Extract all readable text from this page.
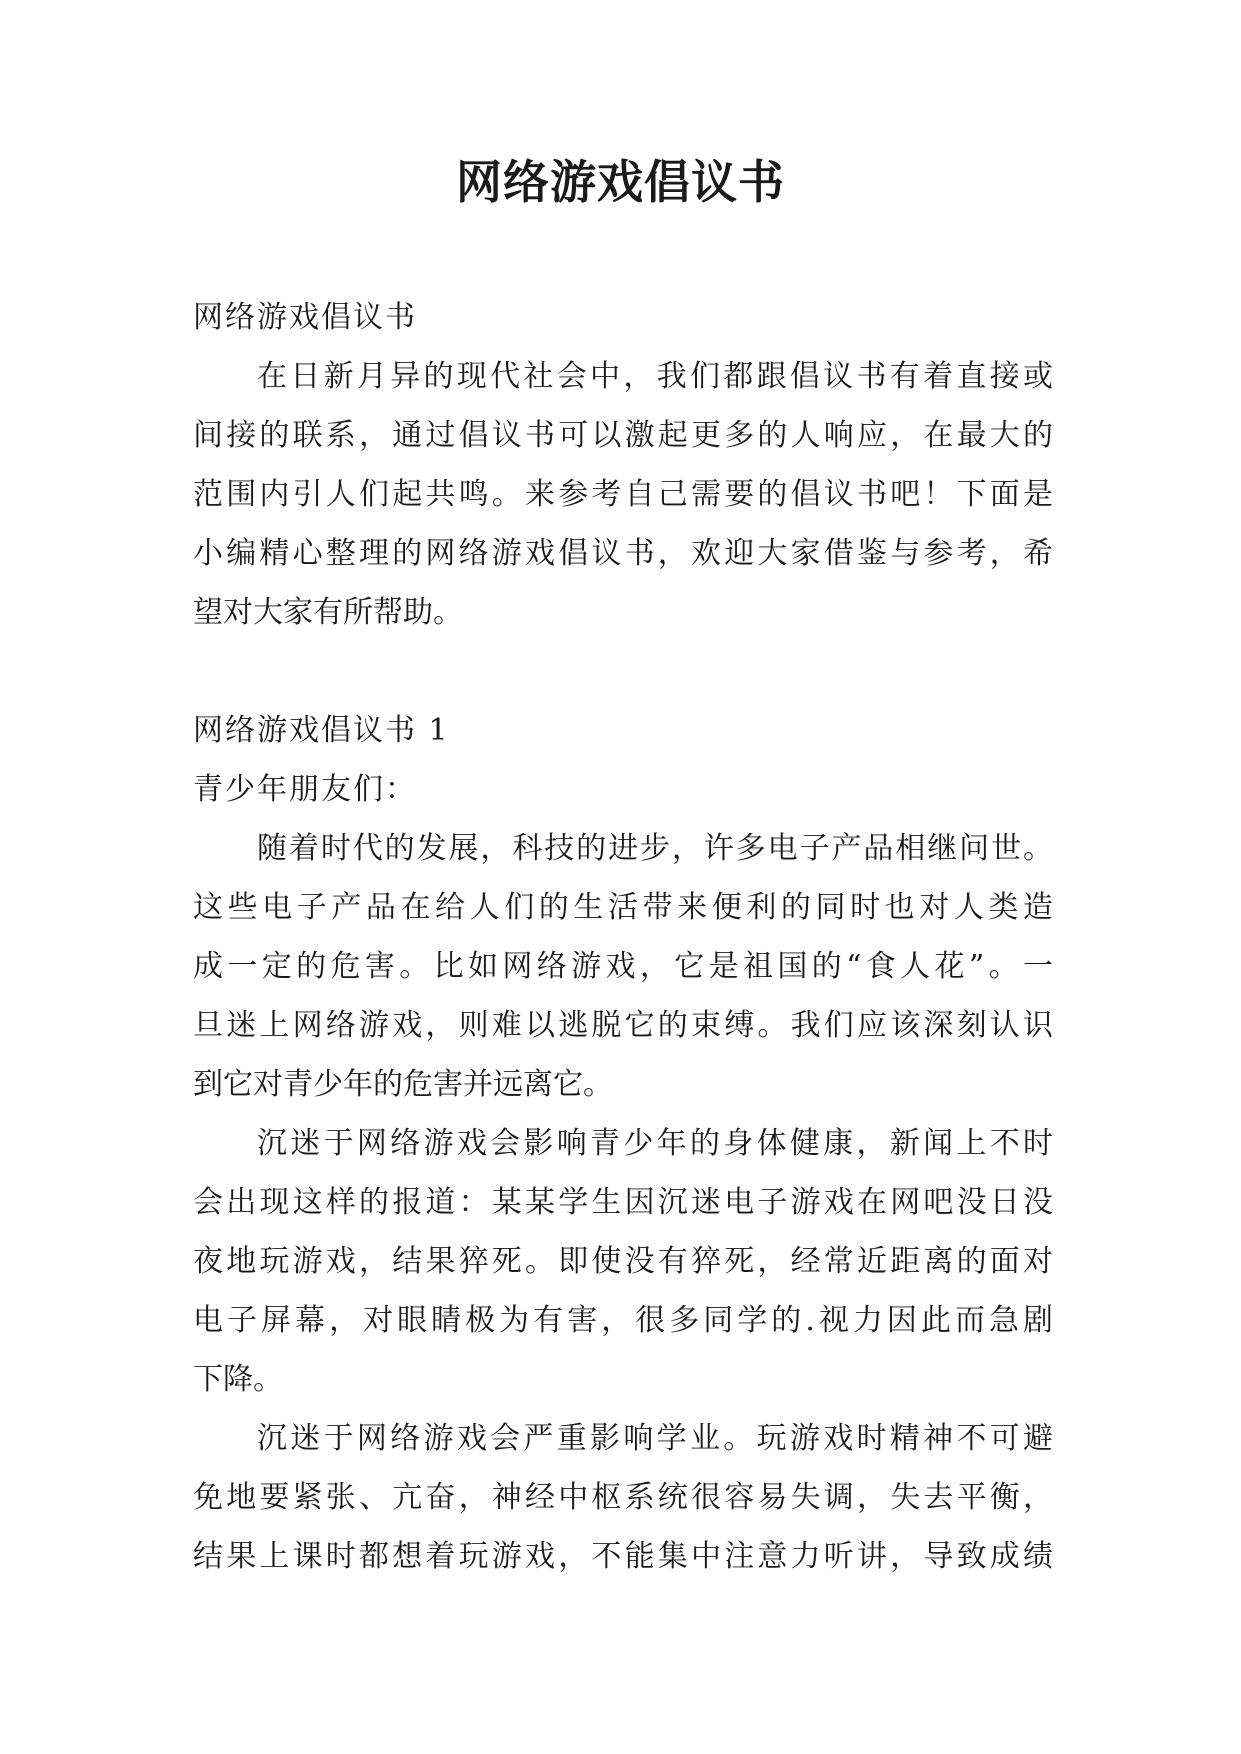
网络游戏倡议书

网络游戏倡议书

在日新月异的现代社会中，我们都跟倡议书有着直接或

间接的联系，通过倡议书可以激起更多的人响应，在最大的

范围内引人们起共鸣。来参考自己需要的倡议书吧！下面是

小编精心整理的网络游戏倡议书，欢迎大家借鉴与参考，希

望对大家有所帮助。

网络游戏倡议书 1

青少年朋友们：

随着时代的发展，科技的进步，许多电子产品相继问世。

这些电子产品在给人们的生活带来便利的同时也对人类造

成一定的危害。比如网络游戏，它是祖国的“食人花”。一

旦迷上网络游戏，则难以逃脱它的束缚。我们应该深刻认识

到它对青少年的危害并远离它。

沉迷于网络游戏会影响青少年的身体健康，新闻上不时

会出现这样的报道：某某学生因沉迷电子游戏在网吧没日没

夜地玩游戏，结果猝死。即使没有猝死，经常近距离的面对

电子屏幕，对眼睛极为有害，很多同学的.视力因此而急剧

下降。

沉迷于网络游戏会严重影响学业。玩游戏时精神不可避

免地要紧张、亢奋，神经中枢系统很容易失调，失去平衡，

结果上课时都想着玩游戏，不能集中注意力听讲，导致成绩
